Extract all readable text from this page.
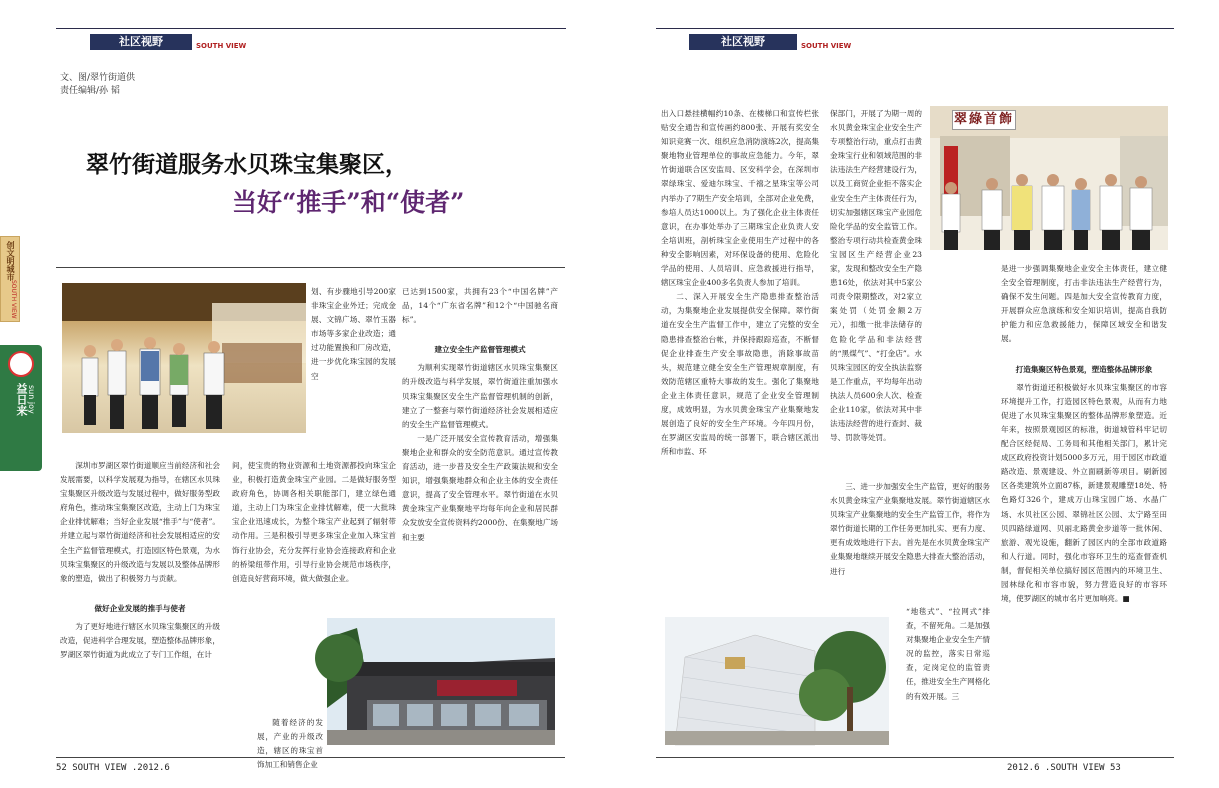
社区视野	SOUTH VIEW
文、图/翠竹街道供
责任编辑/孙 韬
翠竹街道服务水贝珠宝集聚区，
当好“推手”和“使者”
创文明城市
SOUTH VIEW
益日来 sun joy

深圳市罗湖区翠竹街道顺应当前经济和社会发展需要，以科学发展观为指导，在辖区水贝珠宝集聚区升级改造与发展过程中，做好服务型政府角色，推动珠宝集聚区改造，主动上门为珠宝企业排忧解难；当好企业发展“推手”与“使者”。并建立起与翠竹街道经济和社会发展相适应的安全生产监督管理模式，打造园区特色景观，为水贝珠宝集聚区的升级改造与发展以及整体品牌形象的塑造，做出了积极努力与贡献。

做好企业发展的推手与使者

为了更好地进行辖区水贝珠宝集聚区的升级改造，促进科学合理发展，塑造整体品牌形象，罗湖区翠竹街道为此成立了专门工作组，在计

划、有步骤地引导200家非珠宝企业外迁；完成金展、文锦广场、翠竹玉器市场等多家企业改造；通过功能置换和厂房改造，进一步优化珠宝园的发展空

间，使宝贵的物业资源和土地资源都投向珠宝企业，积极打造黄金珠宝产业园。二是做好服务型政府角色，协调各相关职能部门，建立绿色通道，主动上门为珠宝企业排忧解难，使一大批珠宝企业迅速成长，为整个珠宝产业起到了辐射带动作用。三是积极引导更多珠宝企业加入珠宝首饰行业协会，充分发挥行业协会连接政府和企业的桥梁纽带作用，引导行业协会规范市场秩序，创造良好营商环境，做大做强企业。

随着经济的发展，产业的升级改造，辖区的珠宝首饰加工和销售企业

已达到1500家，共拥有23个“中国名牌”产品，14个“广东省名牌”和12个“中国驰名商标”。

建立安全生产监督管理模式

为顺利实现翠竹街道辖区水贝珠宝集聚区的升级改造与科学发展，翠竹街道注重加强水贝珠宝集聚区安全生产监督管理机制的创新，建立了一整套与翠竹街道经济社会发展相适应的安全生产监督管理模式。

一是广泛开展安全宣传教育活动，增强集聚地企业和群众的安全防范意识。通过宣传教育活动，进一步普及安全生产政策法规和安全知识，增强集聚地群众和企业主体的安全责任意识，提高了安全管理水平。翠竹街道在水贝黄金珠宝产业集聚地平均每年向企业和居民群众发放安全宣传资料约2000份、在集聚地广场和主要

52 SOUTH VIEW .2012.6
社区视野	SOUTH VIEW
翠綠首飾

出入口悬挂横幅约10条、在楼梯口和宣传栏张贴安全通告和宣传画约800张、开展有奖安全知识竞赛一次、组织应急消防演练2次，提高集聚地物业管理单位的事故应急能力。今年，翠竹街道联合区安监局、区安科学会，在深圳市翠绿珠宝、爱迪尔珠宝、千禧之星珠宝等公司内举办了7期生产安全培训，全部对企业免费，参培人员达1000以上。为了强化企业主体责任意识，在办事处举办了三期珠宝企业负责人安全培训班，剖析珠宝企业使用生产过程中的各种安全影响因素，对环保设备的使用、危险化学品的使用、人员培训、应急救援进行指导，辖区珠宝企业400多名负责人参加了培训。

二、深入开展安全生产隐患排查整治活动，为集聚地企业发展提供安全保障。翠竹街道在安全生产监督工作中，建立了完整的安全隐患排查整治台帐，并保持跟踪巡查，不断督促企业排查生产安全事故隐患，消除事故苗头，规范建立健全安全生产管理规章制度，有效防范辖区重特大事故的发生。强化了集聚地企业主体责任意识，规范了企业安全管理制度，成效明显，为水贝黄金珠宝产业集聚地发展创造了良好的安全生产环境。今年四月份，在罗湖区安监局的统一部署下，联合辖区派出所和市监、环

保部门，开展了为期一周的水贝黄金珠宝企业安全生产专项整治行动，重点打击黄金珠宝行业和领域范围的非法违法生产经营建设行为，以及工商贸企业拒不落实企业安全生产主体责任行为，切实加强辖区珠宝产业园危险化学品的安全监管工作。整治专项行动共检查黄金珠宝园区生产经营企业23家，发现和整改安全生产隐患16处，依法对其中5家公司责令限期整改，对2家立案处罚（处罚金额2万元），扣缴一批非法储存的危险化学品和非法经营的“黑煤气”、“打金店”。水贝珠宝园区的安全执法监察是工作重点，平均每年出动执法人员600余人次、检查企业110家，依法对其中非法违法经营的进行查封、裁导、罚款等处罚。

三、进一步加强安全生产监管，更好的服务水贝黄金珠宝产业集聚地发展。翠竹街道辖区水贝珠宝产业集聚地的安全生产监管工作，将作为翠竹街道长期的工作任务更加扎实、更有力度、更有成效地进行下去。首先是在水贝黄金珠宝产业集聚地继续开展安全隐患大排查大整治活动，进行

“地毯式”、“拉网式”排查，不留死角。二是加强对集聚地企业安全生产情况的监控，落实日常巡查，定岗定位的监管责任，推进安全生产网格化的有效开展。三

是进一步强调集聚地企业安全主体责任，建立健全安全管理制度，打击非法违法生产经营行为，确保不发生问题。四是加大安全宣传教育力度，开展群众应急演练和安全知识培训，提高自我防护能力和应急救援能力，保障区域安全和谐发展。

打造集聚区特色景观，塑造整体品牌形象

翠竹街道还积极做好水贝珠宝集聚区的市容环境提升工作，打造园区特色景观，从而有力地促进了水贝珠宝集聚区的整体品牌形象塑造。近年来，按照景观园区的标准，街道城管科牢记切配合区经促局、工务局和其他相关部门，累计完成区政府投资计划5000多万元，用于园区市政道路改造、景观建设、外立面刷新等项目。刷新园区各类建筑外立面87栋，新建景观雕塑18处、特色路灯326个，建成万山珠宝园广场、水晶广场、水贝社区公园、翠锦社区公园、太宁路至田贝四路绿道网、贝丽北路黄金步道等一批休闲、旅游、观光设施，翻新了园区内的全部市政道路和人行道。同时，强化市容环卫生的巡查督查机制，督促相关单位搞好园区范围内的环境卫生、园林绿化和市容市貌，努力营造良好的市容环境，使罗湖区的城市名片更加响亮。■

2012.6 .SOUTH VIEW 53
